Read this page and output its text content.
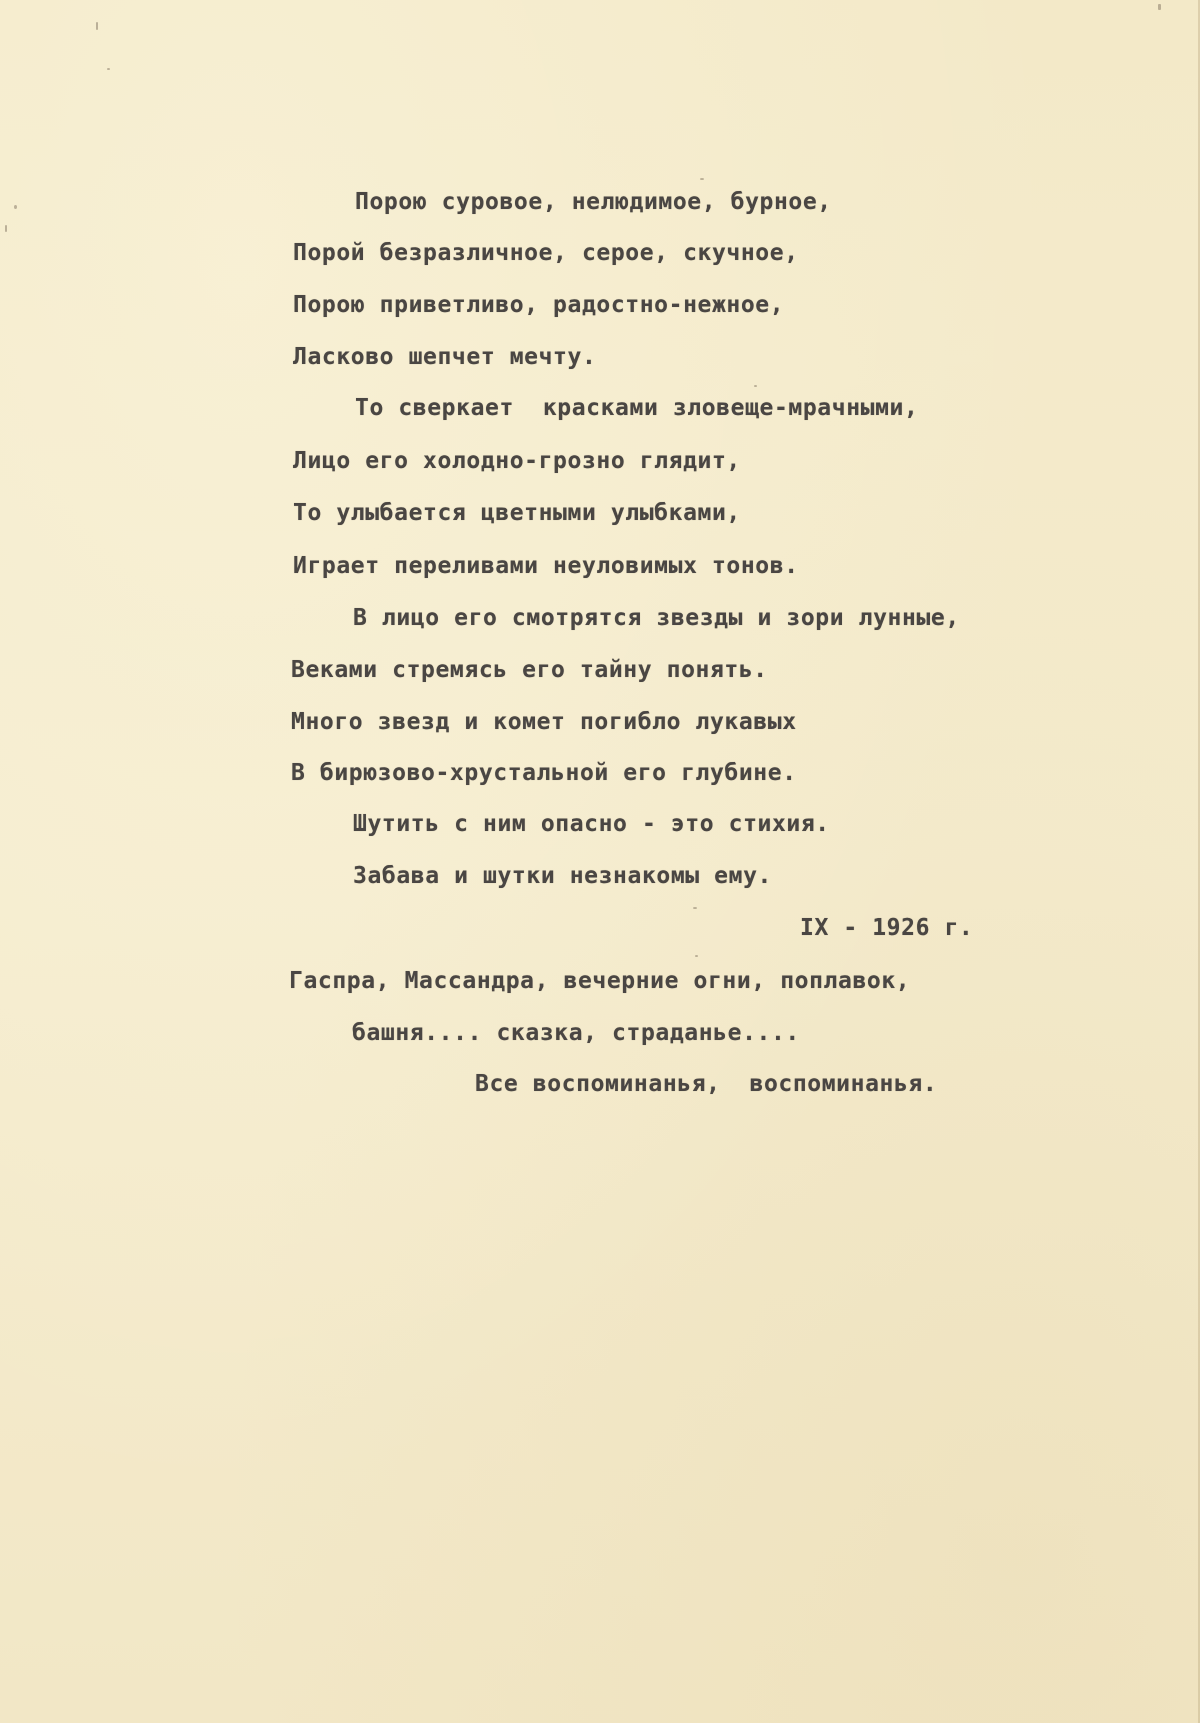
Порою суровое, нелюдимое, бурное,
Порой безразличное, серое, скучное,
Порою приветливо, радостно-нежное,
Ласково шепчет мечту.
То сверкает  красками зловеще-мрачными,
Лицо его холодно-грозно глядит,
То улыбается цветными улыбками,
Играет переливами неуловимых тонов.
В лицо его смотрятся звезды и зори лунные,
Веками стремясь его тайну понять.
Много звезд и комет погибло лукавых
В бирюзово-хрустальной его глубине.
Шутить с ним опасно - это стихия.
Забава и шутки незнакомы ему.
IX - 1926 г.
Гаспра, Массандра, вечерние огни, поплавок,
башня.... сказка, страданье....
Все воспоминанья,  воспоминанья.
